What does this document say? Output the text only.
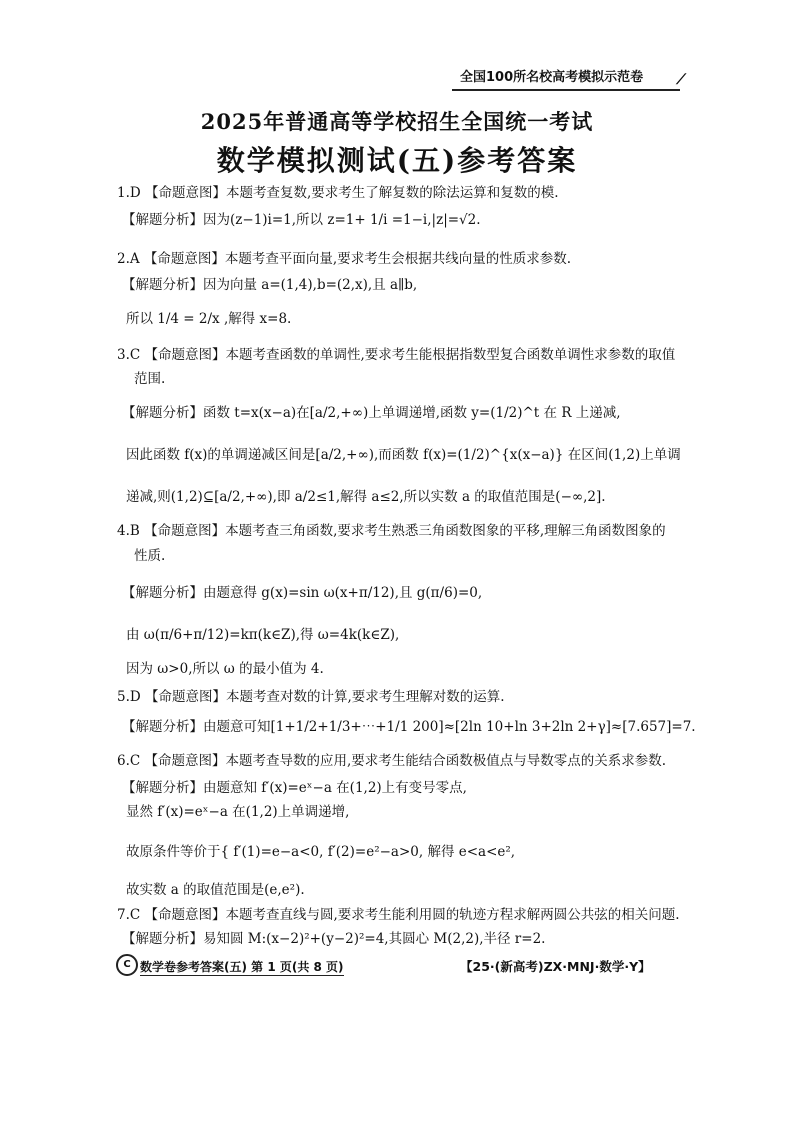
全国100所名校高考模拟示范卷 ⟋
2025年普通高等学校招生全国统一考试
数学模拟测试(五)参考答案
1.D 【命题意图】本题考查复数,要求考生了解复数的除法运算和复数的模.
【解题分析】因为(z−1)i=1,所以 z=1+ 1/i =1−i,|z|=√2.
2.A 【命题意图】本题考查平面向量,要求考生会根据共线向量的性质求参数.
【解题分析】因为向量 a=(1,4),b=(2,x),且 a∥b,
所以 1/4 = 2/x ,解得 x=8.
3.C 【命题意图】本题考查函数的单调性,要求考生能根据指数型复合函数单调性求参数的取值
范围.
【解题分析】函数 t=x(x−a)在[a/2,+∞)上单调递增,函数 y=(1/2)^t 在 R 上递减,
因此函数 f(x)的单调递减区间是[a/2,+∞),而函数 f(x)=(1/2)^{x(x−a)} 在区间(1,2)上单调
递减,则(1,2)⊆[a/2,+∞),即 a/2≤1,解得 a≤2,所以实数 a 的取值范围是(−∞,2].
4.B 【命题意图】本题考查三角函数,要求考生熟悉三角函数图象的平移,理解三角函数图象的
性质.
【解题分析】由题意得 g(x)=sin ω(x+π/12),且 g(π/6)=0,
由 ω(π/6+π/12)=kπ(k∈Z),得 ω=4k(k∈Z),
因为 ω>0,所以 ω 的最小值为 4.
5.D 【命题意图】本题考查对数的计算,要求考生理解对数的运算.
【解题分析】由题意可知[1+1/2+1/3+⋯+1/1 200]≈[2ln 10+ln 3+2ln 2+γ]≈[7.657]=7.
6.C 【命题意图】本题考查导数的应用,要求考生能结合函数极值点与导数零点的关系求参数.
【解题分析】由题意知 f′(x)=eˣ−a 在(1,2)上有变号零点,
显然 f′(x)=eˣ−a 在(1,2)上单调递增,
故原条件等价于{ f′(1)=e−a<0, f′(2)=e²−a>0, 解得 e<a<e²,
故实数 a 的取值范围是(e,e²).
7.C 【命题意图】本题考查直线与圆,要求考生能利用圆的轨迹方程求解两圆公共弦的相关问题.
【解题分析】易知圆 M:(x−2)²+(y−2)²=4,其圆心 M(2,2),半径 r=2.
C 数学卷参考答案(五) 第 1 页(共 8 页)	【25·(新高考)ZX·MNJ·数学·Y】
